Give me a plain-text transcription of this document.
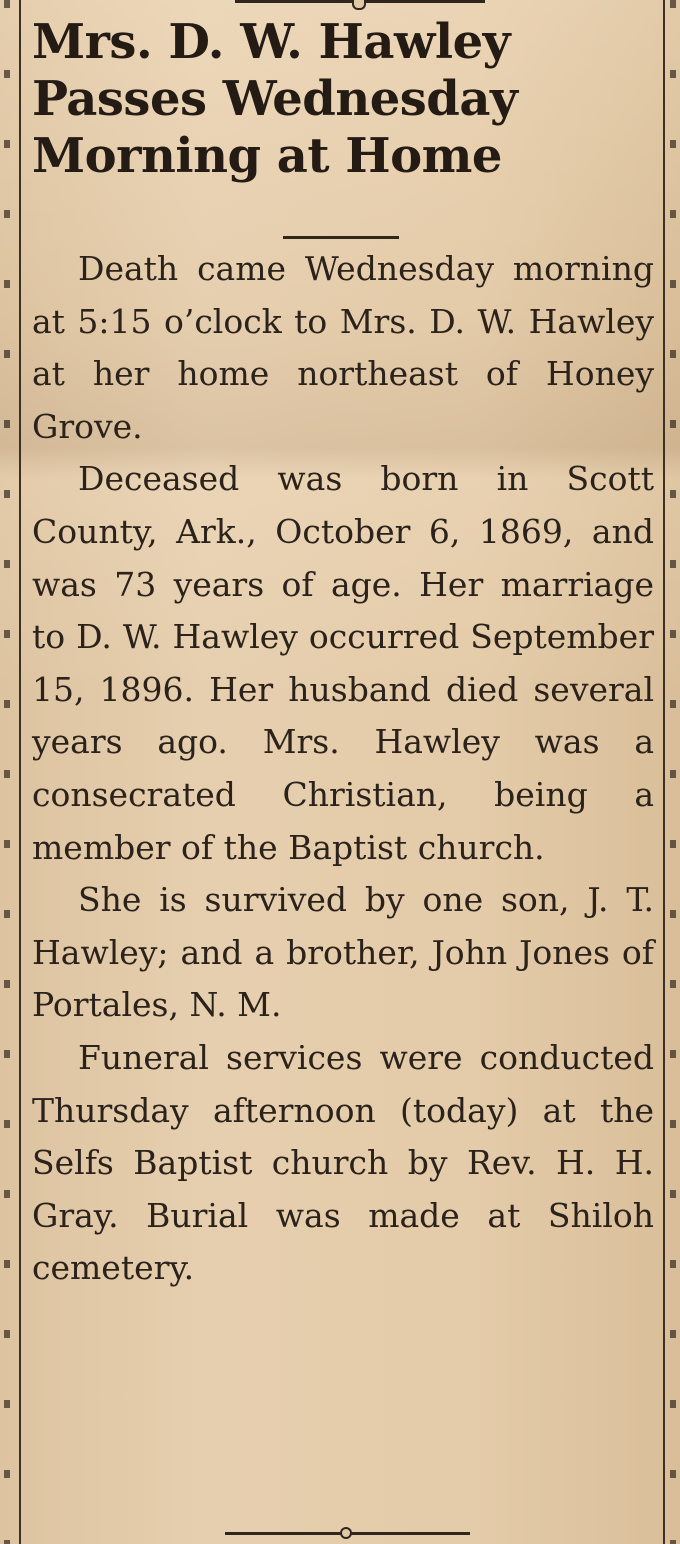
Mrs. D. W. Hawley
Passes Wednesday
Morning at Home

Death came Wednesday morning at 5:15 o’clock to Mrs. D. W. Hawley at her home northeast of Honey Grove.

Deceased was born in Scott County, Ark., October 6, 1869, and was 73 years of age. Her marriage to D. W. Hawley occurred September 15, 1896. Her husband died several years ago. Mrs. Hawley was a consecrated Christian, being a member of the Baptist church.

She is survived by one son, J. T. Hawley; and a brother, John Jones of Portales, N. M.

Funeral services were conducted Thursday afternoon (today) at the Selfs Baptist church by Rev. H. H. Gray. Burial was made at Shiloh cemetery.
